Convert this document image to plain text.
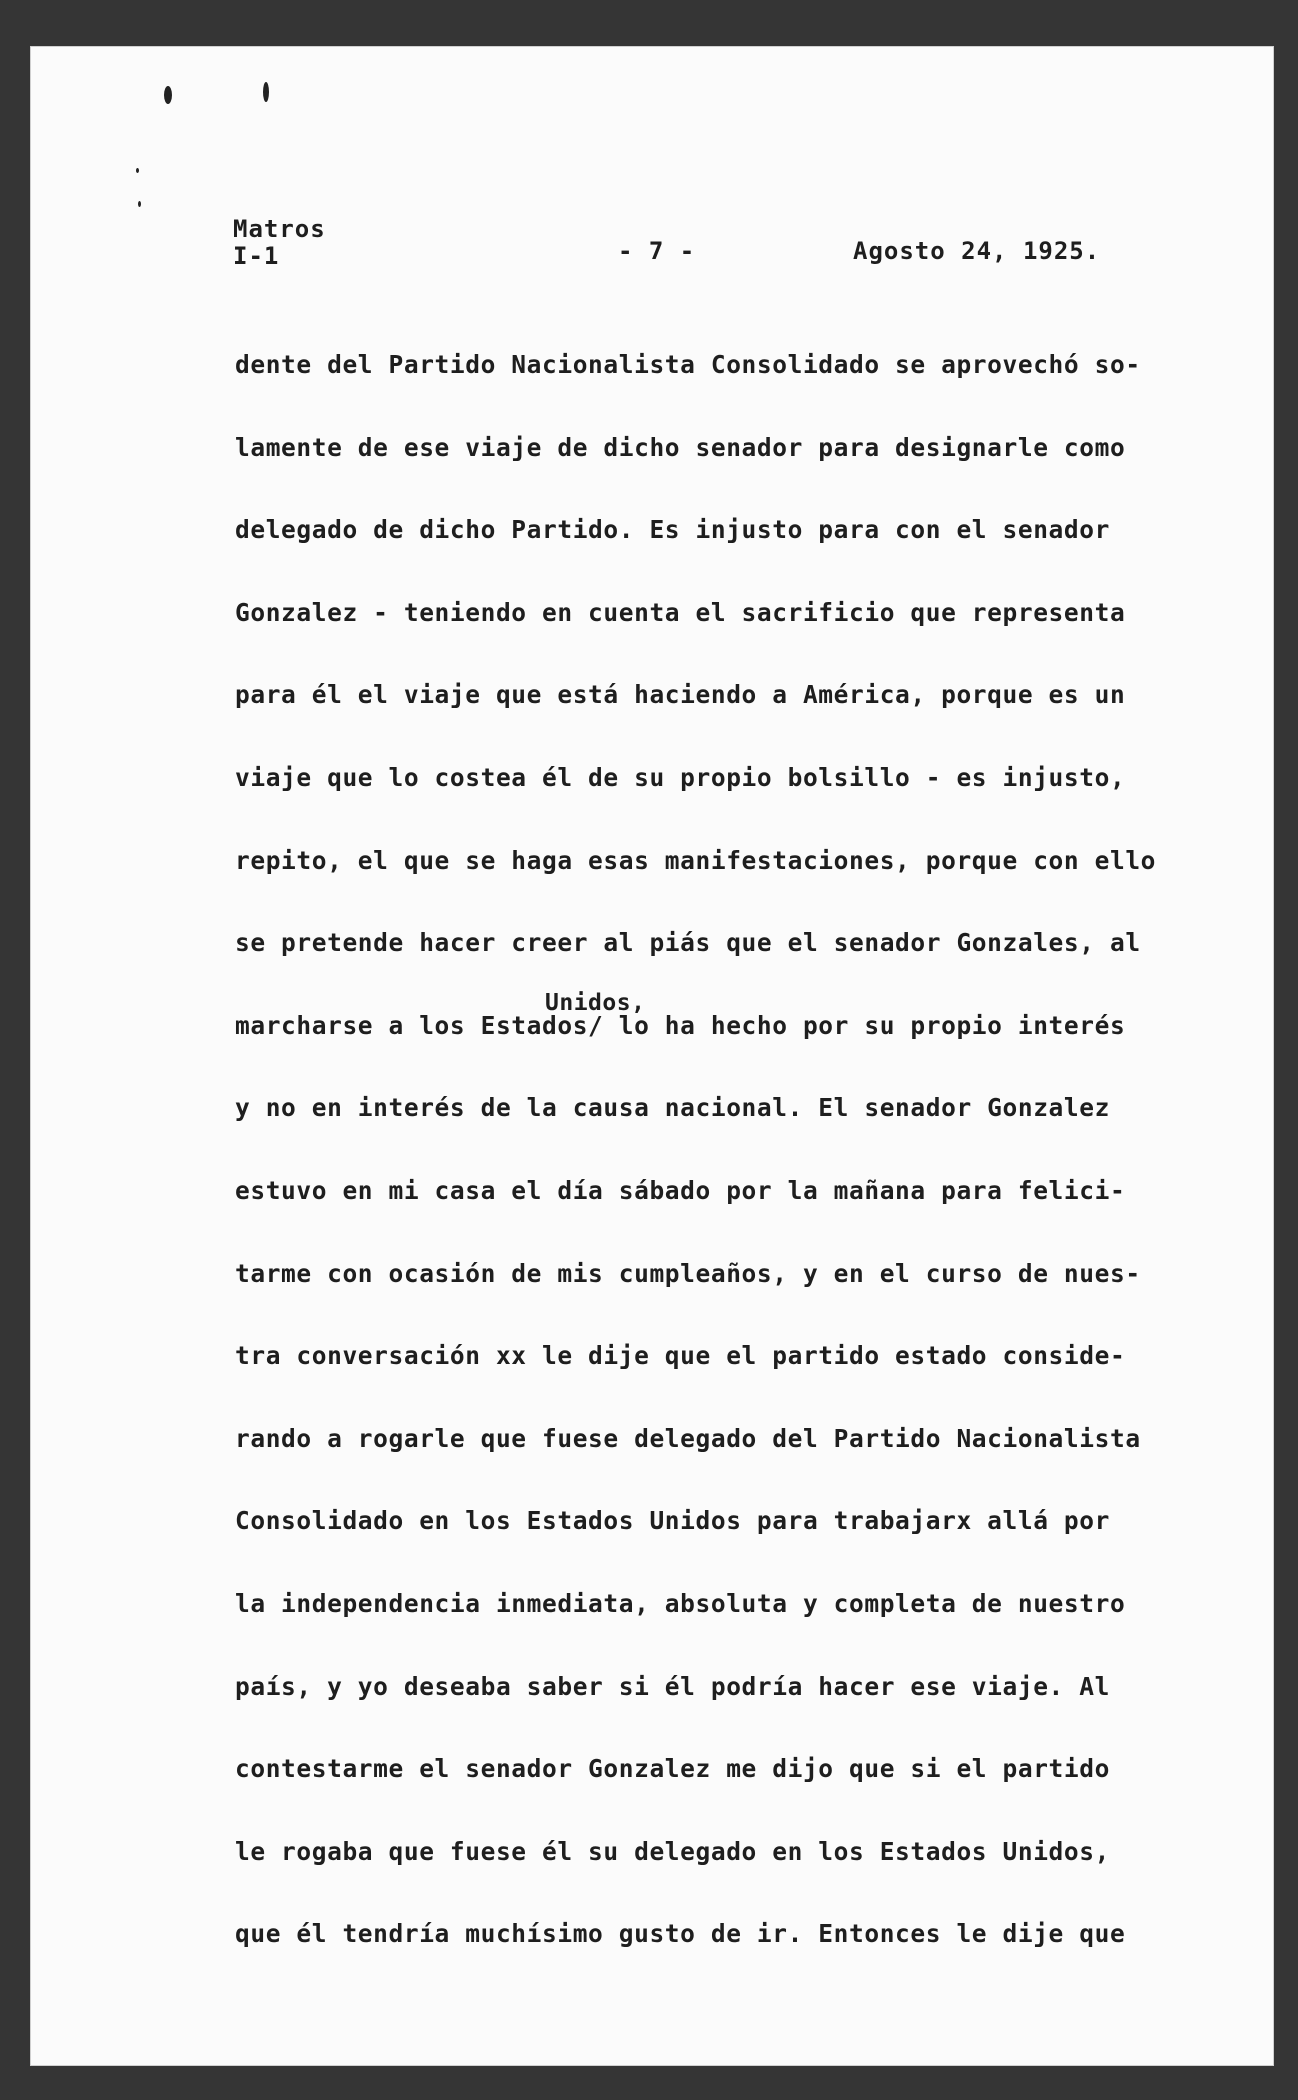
Matros
I-1	- 7 -	Agosto 24, 1925.
Unidos,
dente del Partido Nacionalista Consolidado se aprovechó so-
lamente de ese viaje de dicho senador para designarle como
delegado de dicho Partido. Es injusto para con el senador
Gonzalez - teniendo en cuenta el sacrificio que representa
para él el viaje que está haciendo a América, porque es un
viaje que lo costea él de su propio bolsillo - es injusto,
repito, el que se haga esas manifestaciones, porque con ello
se pretende hacer creer al piás que el senador Gonzales, al
marcharse a los Estados/ lo ha hecho por su propio interés
y no en interés de la causa nacional. El senador Gonzalez
estuvo en mi casa el día sábado por la mañana para felici-
tarme con ocasión de mis cumpleaños, y en el curso de nues-
tra conversación xx le dije que el partido estado conside-
rando a rogarle que fuese delegado del Partido Nacionalista
Consolidado en los Estados Unidos para trabajarx allá por
la independencia inmediata, absoluta y completa de nuestro
país, y yo deseaba saber si él podría hacer ese viaje. Al
contestarme el senador Gonzalez me dijo que si el partido
le rogaba que fuese él su delegado en los Estados Unidos,
que él tendría muchísimo gusto de ir. Entonces le dije que
